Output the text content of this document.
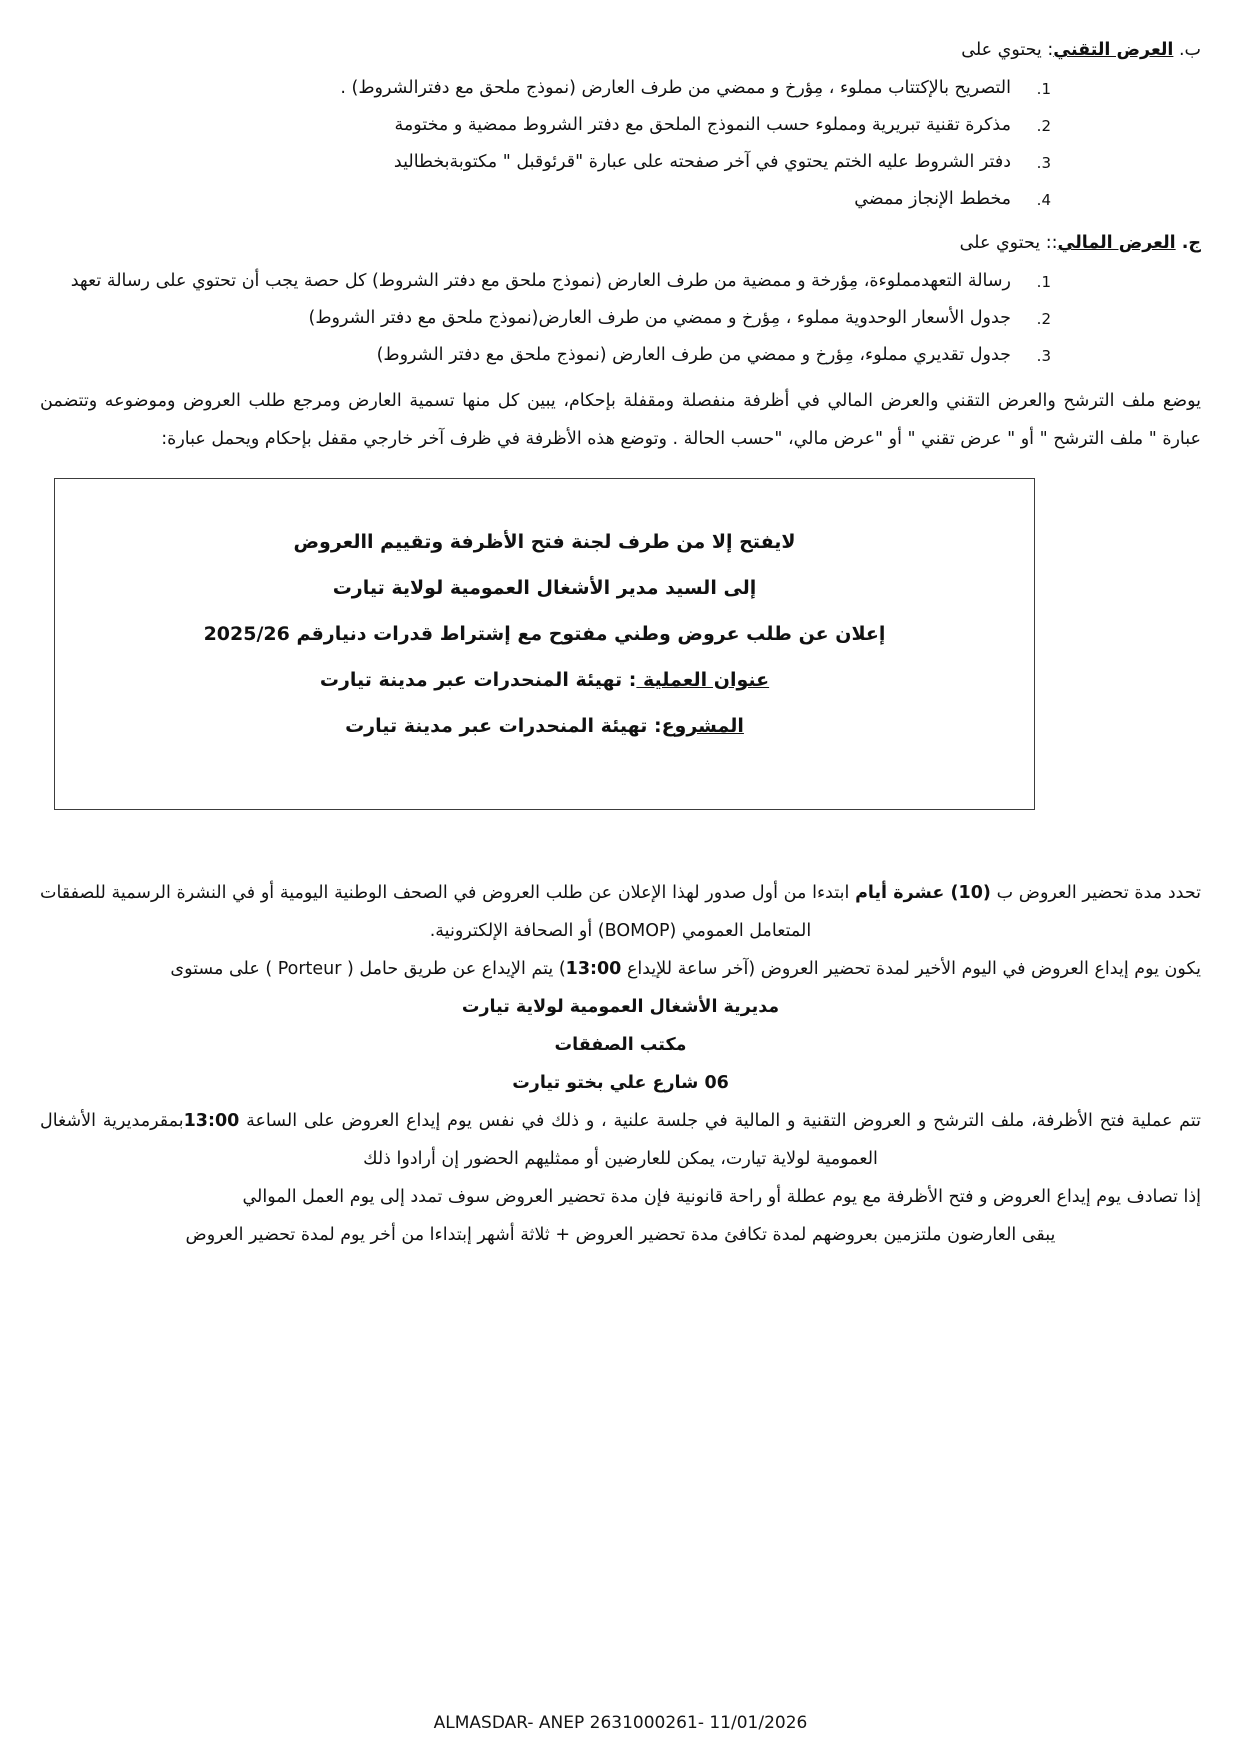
ب. العرض التقني: يحتوي على

التصريح بالإكتتاب مملوء ، مِؤرخ و ممضي من طرف العارض (نموذج ملحق مع دفترالشروط) .
مذكرة تقنية تبريرية ومملوء حسب النموذج الملحق مع دفتر الشروط ممضية و مختومة
دفتر الشروط عليه الختم يحتوي في آخر صفحته على عبارة "قرئوقبل " مكتوبةبخطاليد
مخطط الإنجاز ممضي

ج. العرض المالي:: يحتوي على

رسالة التعهدمملوءة، مِؤرخة و ممضية من طرف العارض (نموذج ملحق مع دفتر الشروط) كل حصة يجب أن تحتوي على رسالة تعهد
جدول الأسعار الوحدوية مملوء ، مِؤرخ و ممضي من طرف العارض(نموذج ملحق مع دفتر الشروط)
جدول تقديري مملوء، مِؤرخ و ممضي من طرف العارض (نموذج ملحق مع دفتر الشروط)

يوضع ملف الترشح والعرض التقني والعرض المالي في أظرفة منفصلة ومقفلة بإحكام، يبين كل منها تسمية العارض ومرجع طلب العروض وموضوعه وتتضمن عبارة " ملف الترشح " أو " عرض تقني " أو "عرض مالي، "حسب الحالة . وتوضع هذه الأظرفة في ظرف آخر خارجي مقفل بإحكام ويحمل عبارة:

لايفتح إلا من طرف لجنة فتح الأظرفة وتقييم االعروض

إلى السيد مدير الأشغال العمومية لولاية تيارت

إعلان عن طلب عروض وطني مفتوح مع إشتراط قدرات دنيارقم 2025/26

عنوان العملية : تهيئة المنحدرات عبر مدينة تيارت

المشروع: تهيئة المنحدرات عبر مدينة تيارت

تحدد مدة تحضير العروض ب (10) عشرة أيام ابتدءا من أول صدور لهذا الإعلان عن طلب العروض في الصحف الوطنية اليومية أو في النشرة الرسمية للصفقات المتعامل العمومي (BOMOP) أو الصحافة الإلكترونية.

يكون يوم إيداع العروض في اليوم الأخير لمدة تحضير العروض (آخر ساعة للإيداع 13:00) يتم الإيداع عن طريق حامل ( Porteur ) على مستوى

مديرية الأشغال العمومية لولاية تيارت

مكتب الصفقات

06 شارع علي بختو تيارت

تتم عملية فتح الأظرفة، ملف الترشح و العروض التقنية و المالية في جلسة علنية ، و ذلك في نفس يوم إيداع العروض على الساعة 13:00بمقرمديرية الأشغال العمومية لولاية تيارت، يمكن للعارضين أو ممثليهم الحضور إن أرادوا ذلك

إذا تصادف يوم إيداع العروض و فتح الأظرفة مع يوم عطلة أو راحة قانونية فإن مدة تحضير العروض سوف تمدد إلى يوم العمل الموالي

يبقى العارضون ملتزمين بعروضهم لمدة تكافئ مدة تحضير العروض + ثلاثة أشهر إبتداءا من أخر يوم لمدة تحضير العروض

ALMASDAR- ANEP 2631000261- 11/01/2026
